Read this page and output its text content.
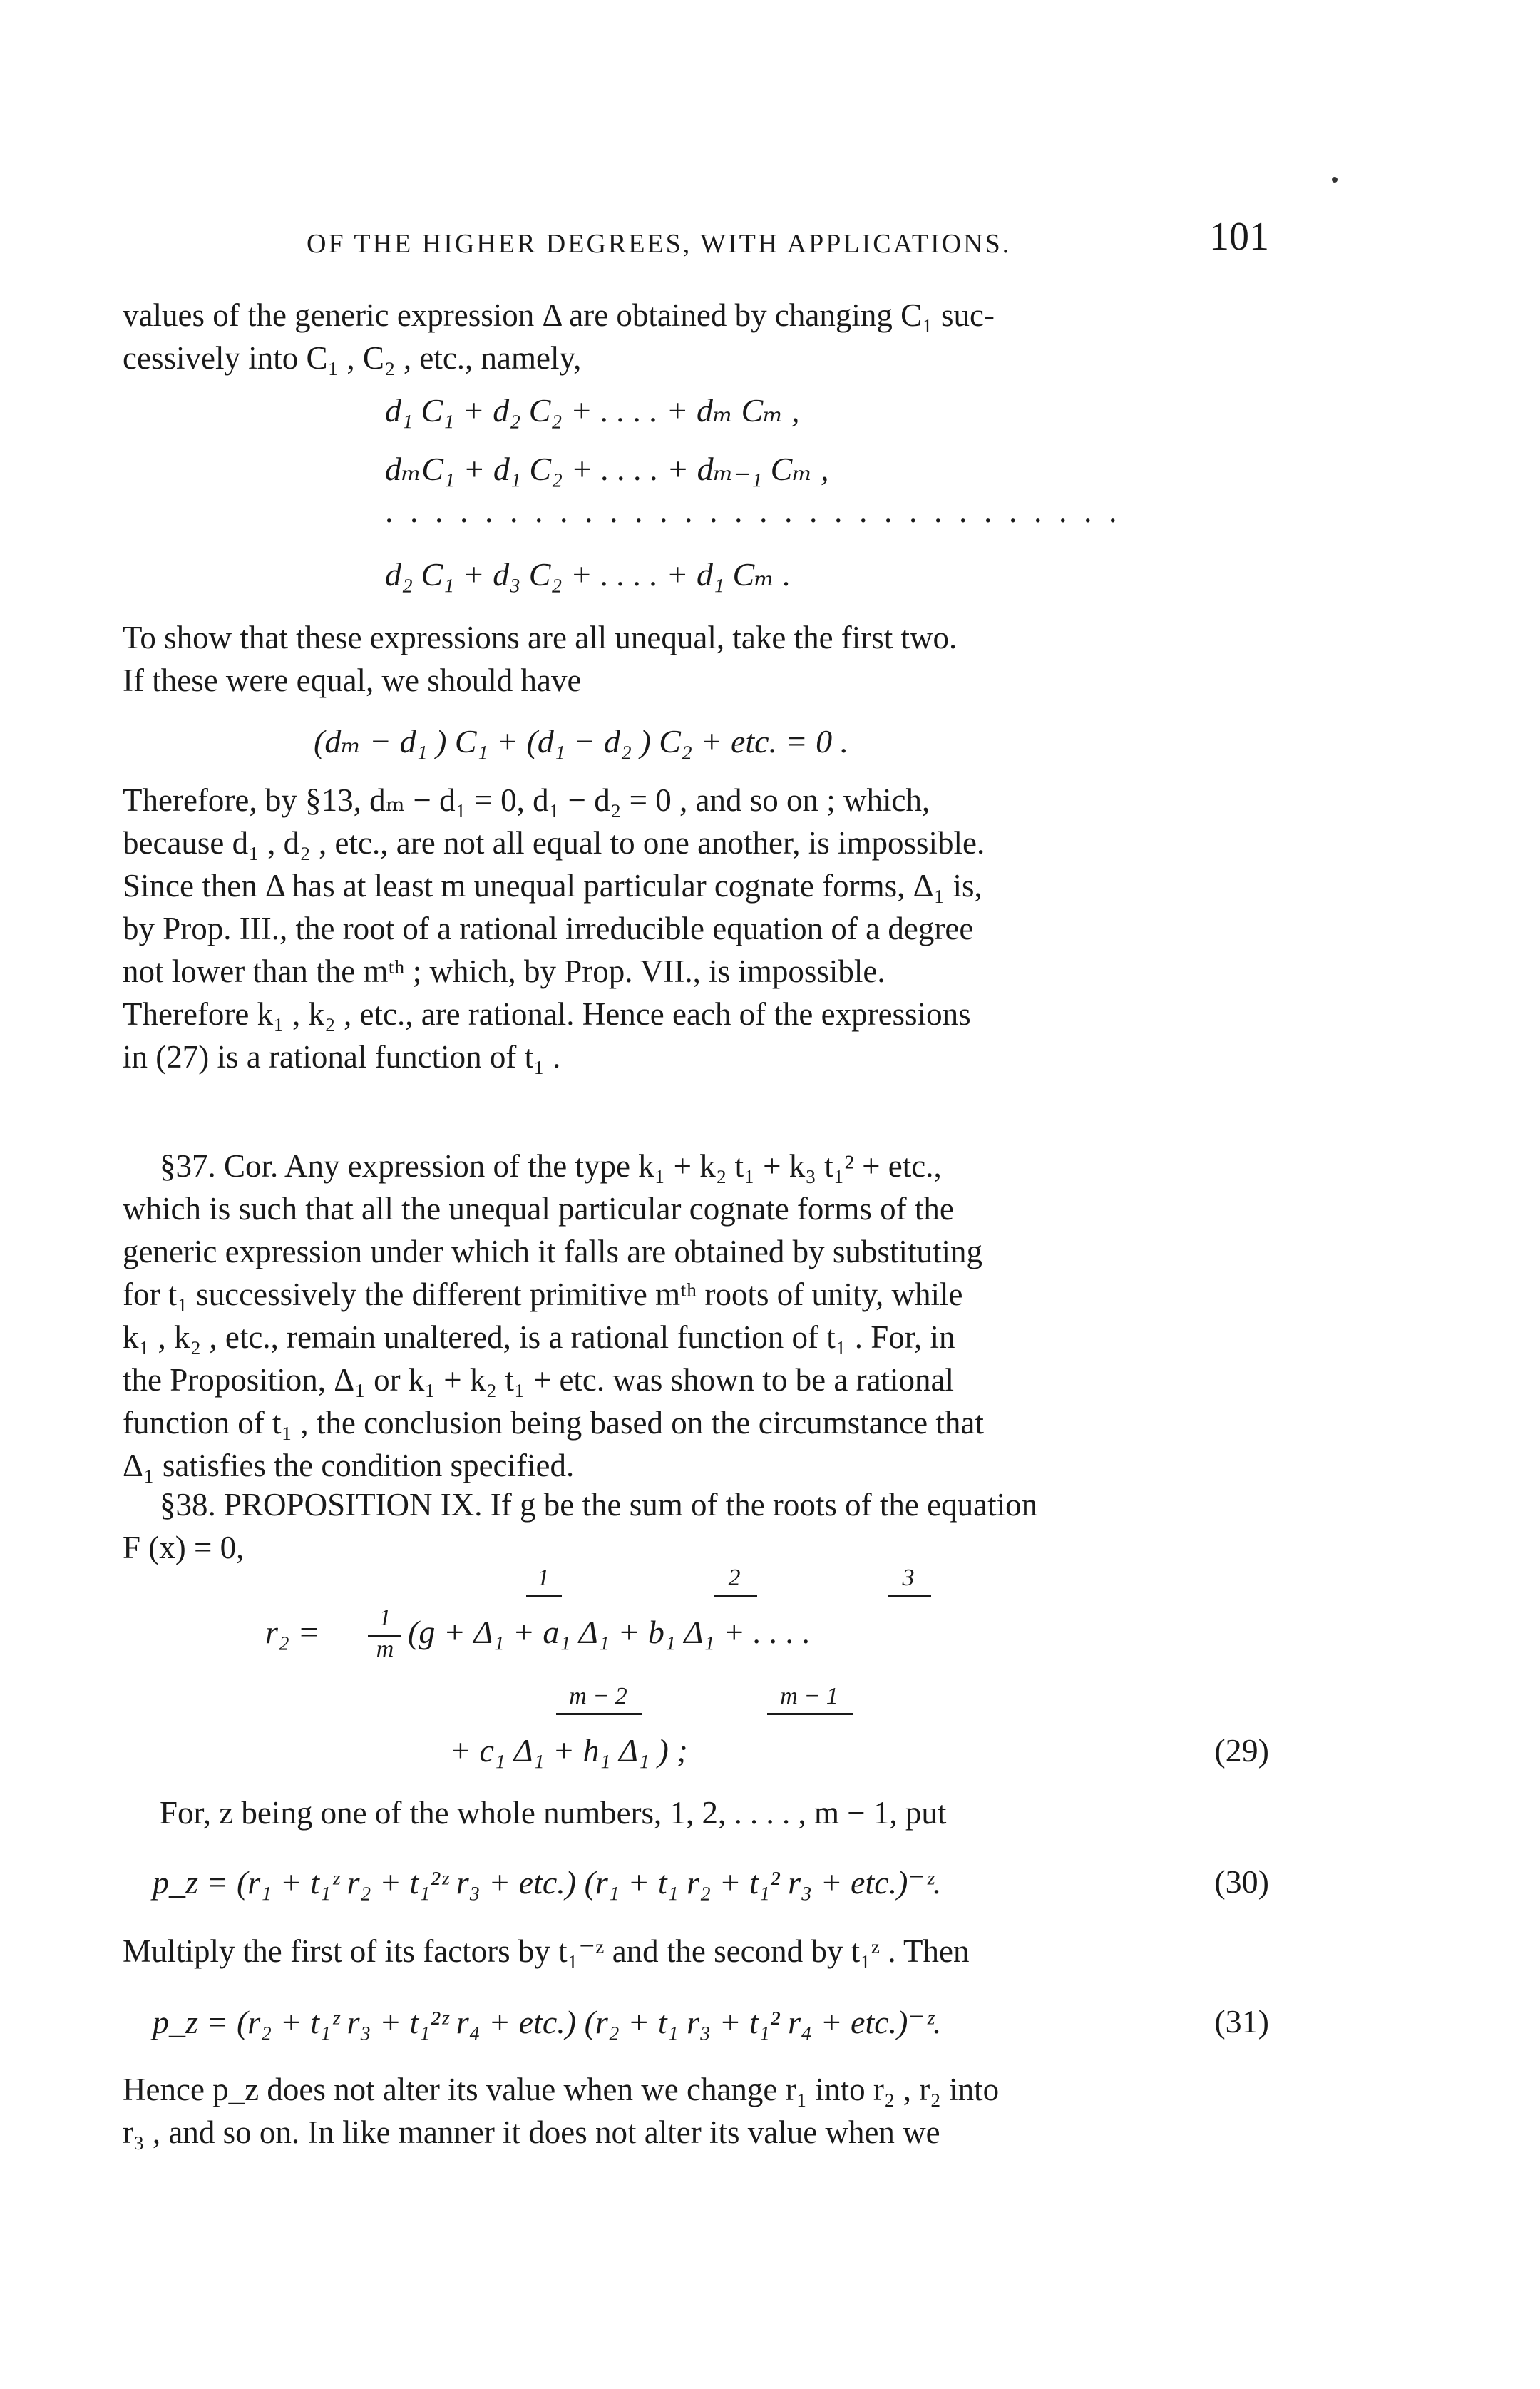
OF THE HIGHER DEGREES, WITH APPLICATIONS.	101
values of the generic expression Δ are obtained by changing C₁ suc-
cessively into C₁ , C₂ , etc., namely,
d₁ C₁ + d₂ C₂ + . . . . + dₘ Cₘ ,
dₘC₁ + d₁ C₂ + . . . . + dₘ₋₁ Cₘ ,
. . . . . . . . . . . . . . . . . . . . . . . . . . . . . .
d₂ C₁ + d₃ C₂ + . . . . + d₁ Cₘ .
To show that these expressions are all unequal, take the first two.
If these were equal, we should have
(dₘ − d₁ ) C₁ + (d₁ − d₂ ) C₂ + etc. = 0 .
Therefore, by §13, dₘ − d₁ = 0, d₁ − d₂ = 0 , and so on ; which,
because d₁ , d₂ , etc., are not all equal to one another, is impossible.
Since then Δ has at least m unequal particular cognate forms, Δ₁ is,
by Prop. III., the root of a rational irreducible equation of a degree
not lower than the mᵗʰ ; which, by Prop. VII., is impossible.
Therefore k₁ , k₂ , etc., are rational. Hence each of the expressions
in (27) is a rational function of t₁ .
§37. Cor. Any expression of the type k₁ + k₂ t₁ + k₃ t₁² + etc.,
which is such that all the unequal particular cognate forms of the
generic expression under which it falls are obtained by substituting
for t₁ successively the different primitive mᵗʰ roots of unity, while
k₁ , k₂ , etc., remain unaltered, is a rational function of t₁ . For, in
the Proposition, Δ₁ or k₁ + k₂ t₁ + etc. was shown to be a rational
function of t₁ , the conclusion being based on the circumstance that
Δ₁ satisfies the condition specified.
§38. PROPOSITION IX. If g be the sum of the roots of the equation
F (x) = 0,
1	2	3
r₂ =	1
m (g + Δ₁ + a₁ Δ₁ + b₁ Δ₁ + . . . .
m − 2	m − 1
+ c₁ Δ₁ + h₁ Δ₁ ) ;	(29)
For, z being one of the whole numbers, 1, 2, . . . . , m − 1, put
p_z = (r₁ + t₁ᶻ r₂ + t₁²ᶻ r₃ + etc.) (r₁ + t₁ r₂ + t₁² r₃ + etc.)⁻ᶻ.	(30)
Multiply the first of its factors by t₁⁻ᶻ and the second by t₁ᶻ . Then
p_z = (r₂ + t₁ᶻ r₃ + t₁²ᶻ r₄ + etc.) (r₂ + t₁ r₃ + t₁² r₄ + etc.)⁻ᶻ.	(31)
Hence p_z does not alter its value when we change r₁ into r₂ , r₂ into
r₃ , and so on. In like manner it does not alter its value when we
